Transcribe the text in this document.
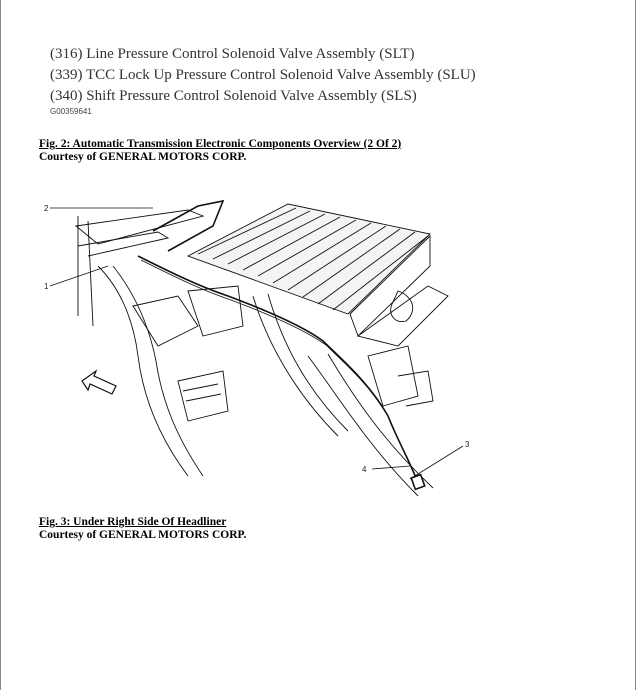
(316) Line Pressure Control Solenoid Valve Assembly (SLT)
(339) TCC Lock Up Pressure Control Solenoid Valve Assembly (SLU)
(340) Shift Pressure Control Solenoid Valve Assembly (SLS)
G00359641
Fig. 2: Automatic Transmission Electronic Components Overview (2 Of 2)
Courtesy of GENERAL MOTORS CORP.
2
1
3
4
Fig. 3: Under Right Side Of Headliner
Courtesy of GENERAL MOTORS CORP.
